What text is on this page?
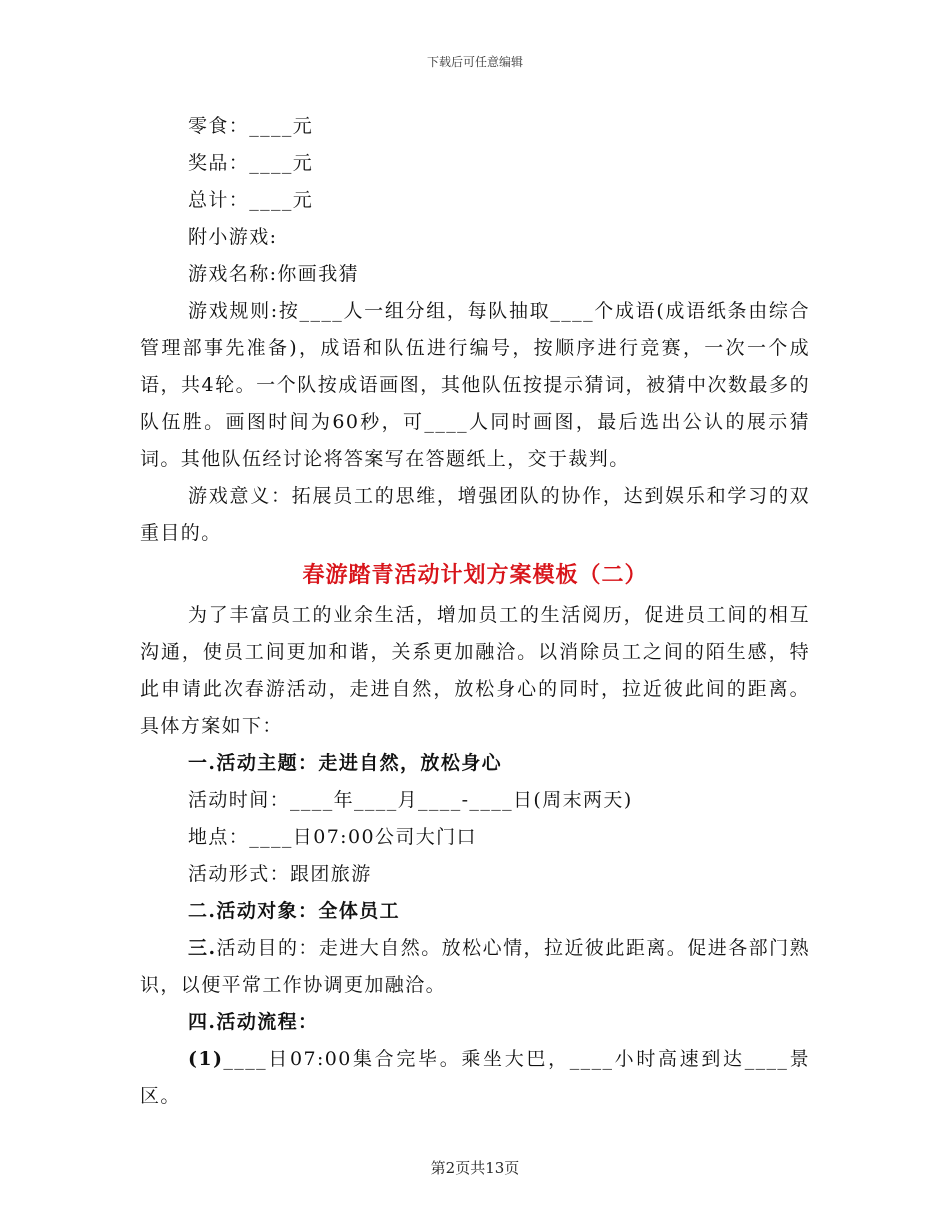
下载后可任意编辑

零食：____元

奖品：____元

总计：____元

附小游戏:

游戏名称:你画我猜

游戏规则:按____人一组分组，每队抽取____个成语(成语纸条由综合管理部事先准备)，成语和队伍进行编号，按顺序进行竞赛，一次一个成语，共4轮。一个队按成语画图，其他队伍按提示猜词，被猜中次数最多的队伍胜。画图时间为60秒，可____人同时画图，最后选出公认的展示猜词。其他队伍经讨论将答案写在答题纸上，交于裁判。

游戏意义：拓展员工的思维，增强团队的协作，达到娱乐和学习的双重目的。

春游踏青活动计划方案模板（二）

为了丰富员工的业余生活，增加员工的生活阅历，促进员工间的相互沟通，使员工间更加和谐，关系更加融洽。以消除员工之间的陌生感，特此申请此次春游活动，走进自然，放松身心的同时，拉近彼此间的距离。具体方案如下：

一.活动主题：走进自然，放松身心

活动时间：____年____月____-____日(周末两天)

地点：____日07:00公司大门口

活动形式：跟团旅游

二.活动对象：全体员工

三.活动目的：走进大自然。放松心情，拉近彼此距离。促进各部门熟识，以便平常工作协调更加融洽。

四.活动流程：

(1)____日07:00集合完毕。乘坐大巴，____小时高速到达____景区。

第2页共13页
